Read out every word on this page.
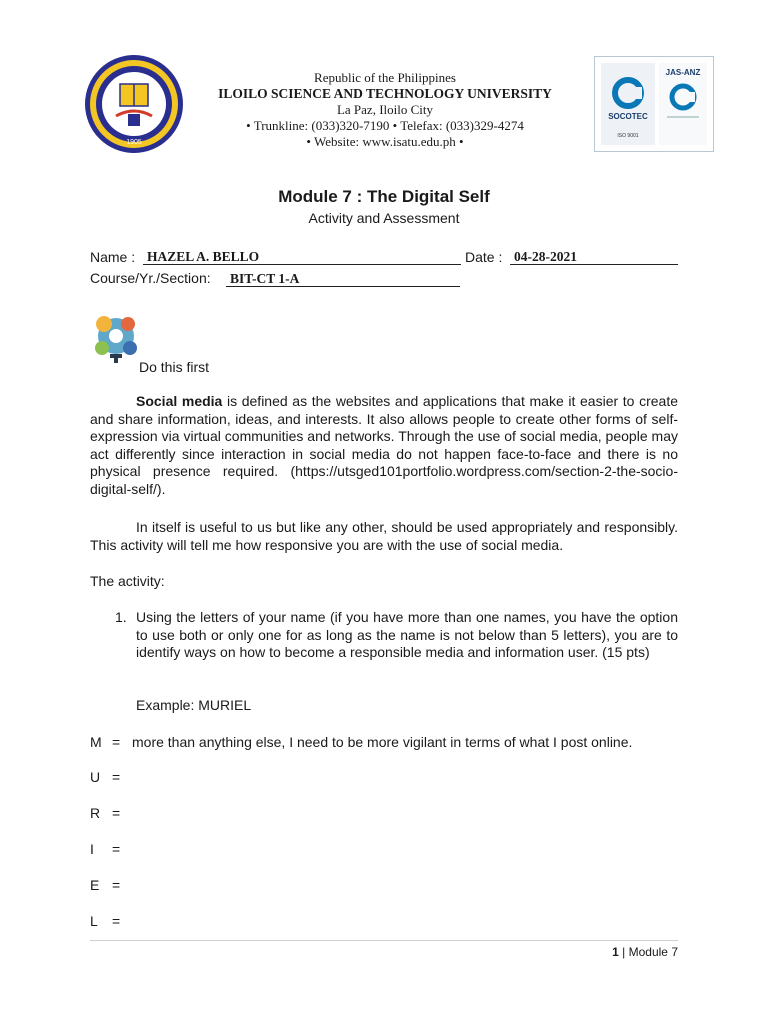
1905
Republic of the Philippines
ILOILO SCIENCE AND TECHNOLOGY UNIVERSITY
La Paz, Iloilo City
• Trunkline: (033)320-7190 • Telefax: (033)329-4274
• Website: www.isatu.edu.ph •
SOCOTEC
ISO 9001
JAS-ANZ
Module 7 : The Digital Self
Activity and Assessment
Name : HAZEL A. BELLO	Date : 04-28-2021
Course/Yr./Section: BIT-CT 1-A
Do this first
Social media is defined as the websites and applications that make it easier to create and share information, ideas, and interests. It also allows people to create other forms of self-expression via virtual communities and networks. Through the use of social media, people may act differently since interaction in social media do not happen face-to-face and there is no physical presence required. (https://utsged101portfolio.wordpress.com/section-2-the-socio-digital-self/).
In itself is useful to us but like any other, should be used appropriately and responsibly. This activity will tell me how responsive you are with the use of social media.
The activity:
1. Using the letters of your name (if you have more than one names, you have the option to use both or only one for as long as the name is not below than 5 letters), you are to identify ways on how to become a responsible media and information user. (15 pts)
Example: MURIEL
M = more than anything else, I need to be more vigilant in terms of what I post online.
U =
R =
I =
E =
L =
1 | Module 7
